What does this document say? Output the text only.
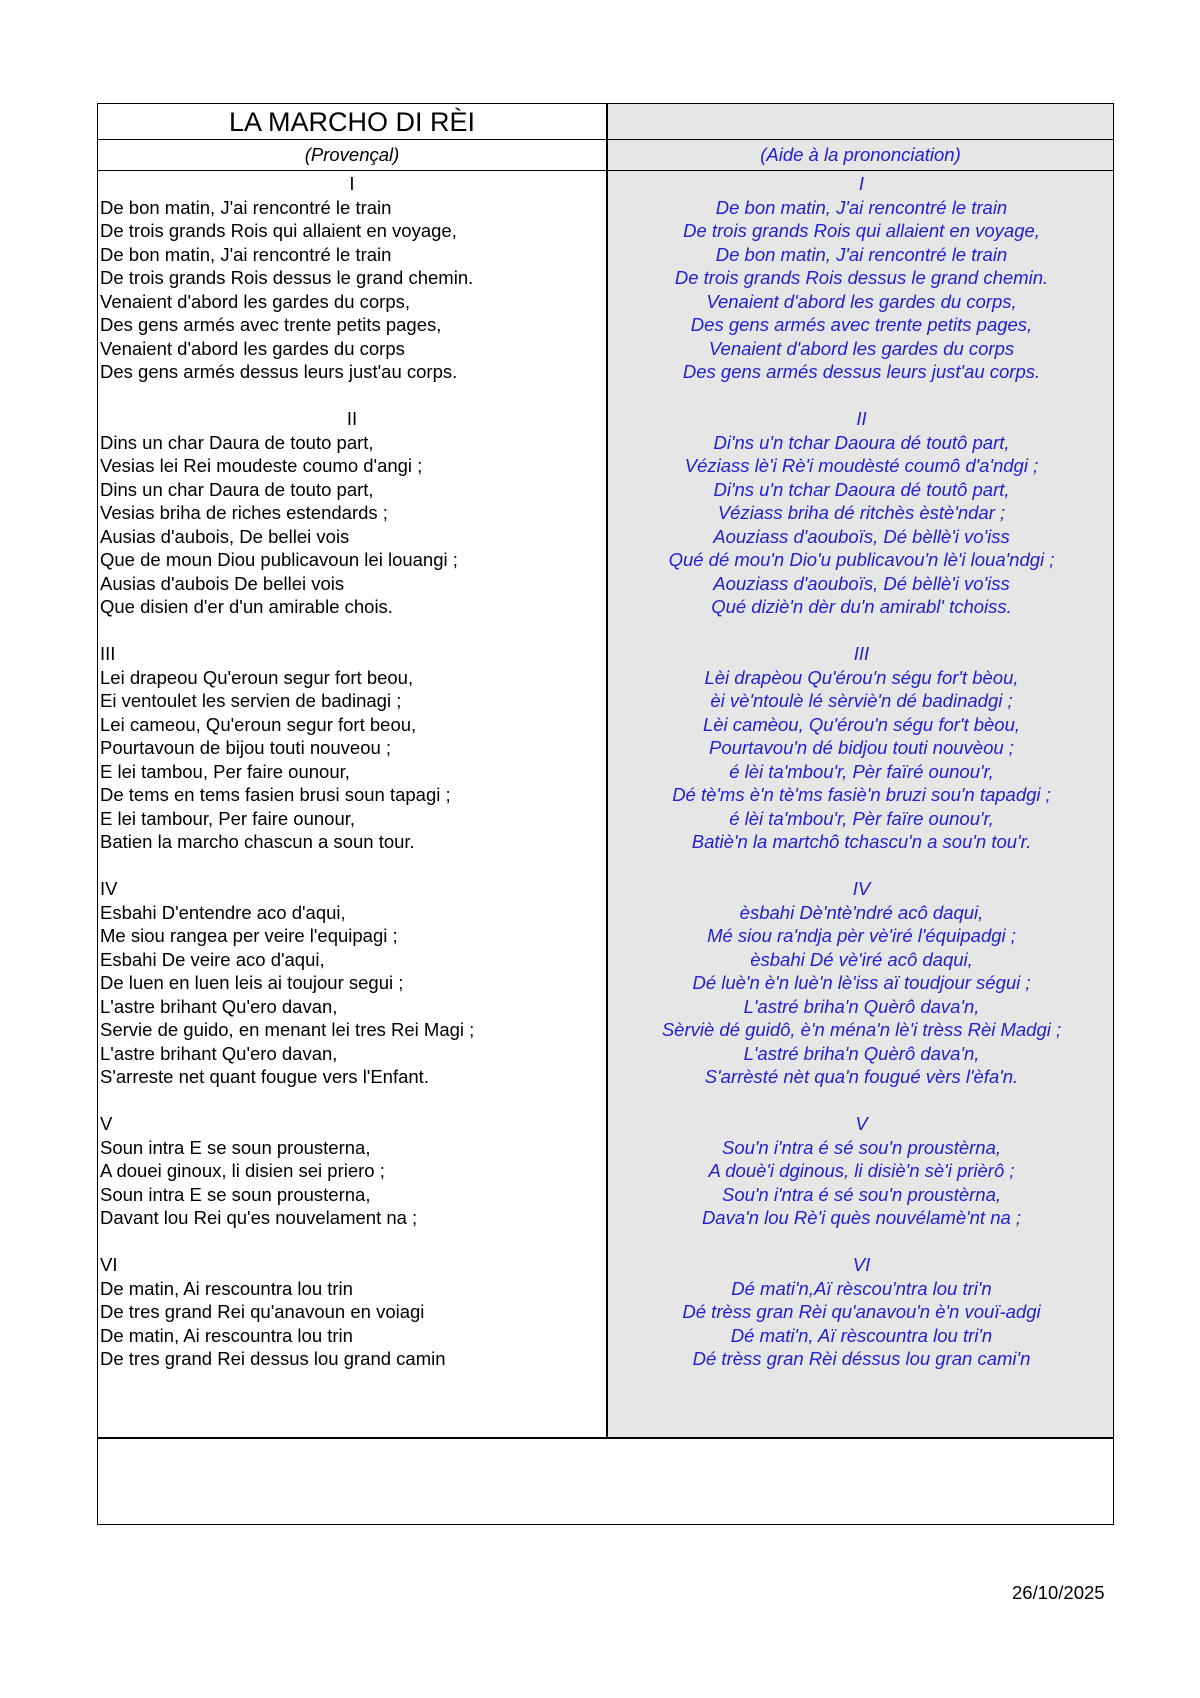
LA MARCHO DI RÈI
(Provençal)	(Aide à la prononciation)
I
De bon matin, J'ai rencontré le train
De trois grands Rois qui allaient en voyage,
De bon matin, J'ai rencontré le train
De trois grands Rois dessus le grand chemin.
Venaient d'abord les gardes du corps,
Des gens armés avec trente petits pages,
Venaient d'abord les gardes du corps
Des gens armés dessus leurs just'au corps.
II
Dins un char Daura de touto part,
Vesias lei Rei moudeste coumo d'angi ;
Dins un char Daura de touto part,
Vesias briha de riches estendards ;
Ausias d'aubois, De bellei vois
Que de moun Diou publicavoun lei louangi ;
Ausias d'aubois De bellei vois
Que disien d'er d'un amirable chois.
III
Lei drapeou Qu'eroun segur fort beou,
Ei ventoulet les servien de badinagi ;
Lei cameou, Qu'eroun segur fort beou,
Pourtavoun de bijou touti nouveou ;
E lei tambou, Per faire ounour,
De tems en tems fasien brusi soun tapagi ;
E lei tambour, Per faire ounour,
Batien la marcho chascun a soun tour.
IV
Esbahi D'entendre aco d'aqui,
Me siou rangea per veire l'equipagi ;
Esbahi De veire aco d'aqui,
De luen en luen leis ai toujour segui ;
L'astre brihant Qu'ero davan,
Servie de guido, en menant lei tres Rei Magi ;
L'astre brihant Qu'ero davan,
S'arreste net quant fougue vers l'Enfant.
V
Soun intra E se soun prousterna,
A douei ginoux, li disien sei priero ;
Soun intra E se soun prousterna,
Davant lou Rei qu'es nouvelament na ;
VI
De matin, Ai rescountra lou trin
De tres grand Rei qu'anavoun en voiagi
De matin, Ai rescountra lou trin
De tres grand Rei dessus lou grand camin
I
De bon matin, J'ai rencontré le train
De trois grands Rois qui allaient en voyage,
De bon matin, J'ai rencontré le train
De trois grands Rois dessus le grand chemin.
Venaient d'abord les gardes du corps,
Des gens armés avec trente petits pages,
Venaient d'abord les gardes du corps
Des gens armés dessus leurs just'au corps.
II
Di'ns u'n tchar Daoura dé toutô part,
Véziass lè'i Rè'i moudèsté coumô d'a'ndgi ;
Di'ns u'n tchar Daoura dé toutô part,
Véziass briha dé ritchès èstè'ndar ;
Aouziass d'aouboïs, Dé bèllè'i vo'iss
Qué dé mou'n Dio'u publicavou'n lè'i loua'ndgi ;
Aouziass d'aouboïs, Dé bèllè'i vo'iss
Qué diziè'n dèr du'n amirabl' tchoiss.
III
Lèi drapèou Qu'érou'n ségu for't bèou,
èi vè'ntoulè lé sèrviè'n dé badinadgi ;
Lèi camèou, Qu'érou'n ségu for't bèou,
Pourtavou'n dé bidjou touti nouvèou ;
é lèi ta'mbou'r, Pèr faïré ounou'r,
Dé tè'ms è'n tè'ms fasiè'n bruzi sou'n tapadgi ;
é lèi ta'mbou'r, Pèr faïre ounou'r,
Batiè'n la martchô tchascu'n a sou'n tou'r.
IV
èsbahi Dè'ntè'ndré acô daqui,
Mé siou ra'ndja pèr vè'iré l'équipadgi ;
èsbahi Dé vè'iré acô daqui,
Dé luè'n è'n luè'n lè'iss aï toudjour ségui ;
L'astré briha'n Quèrô dava'n,
Sèrviè dé guidô, è'n ména'n lè'i trèss Rèi Madgi ;
L'astré briha'n Quèrô dava'n,
S'arrèsté nèt qua'n fougué vèrs l'èfa'n.
V
Sou'n i'ntra é sé sou'n proustèrna,
A douè'i dginous, li disiè'n sè'i prièrô ;
Sou'n i'ntra é sé sou'n proustèrna,
Dava'n lou Rè'i quès nouvélamè'nt na ;
VI
Dé mati'n,Aï rèscou'ntra lou tri'n
Dé trèss gran Rèi qu'anavou'n è'n vouï-adgi
Dé mati'n, Aï rèscountra lou tri'n
Dé trèss gran Rèi déssus lou gran cami'n
26/10/2025
